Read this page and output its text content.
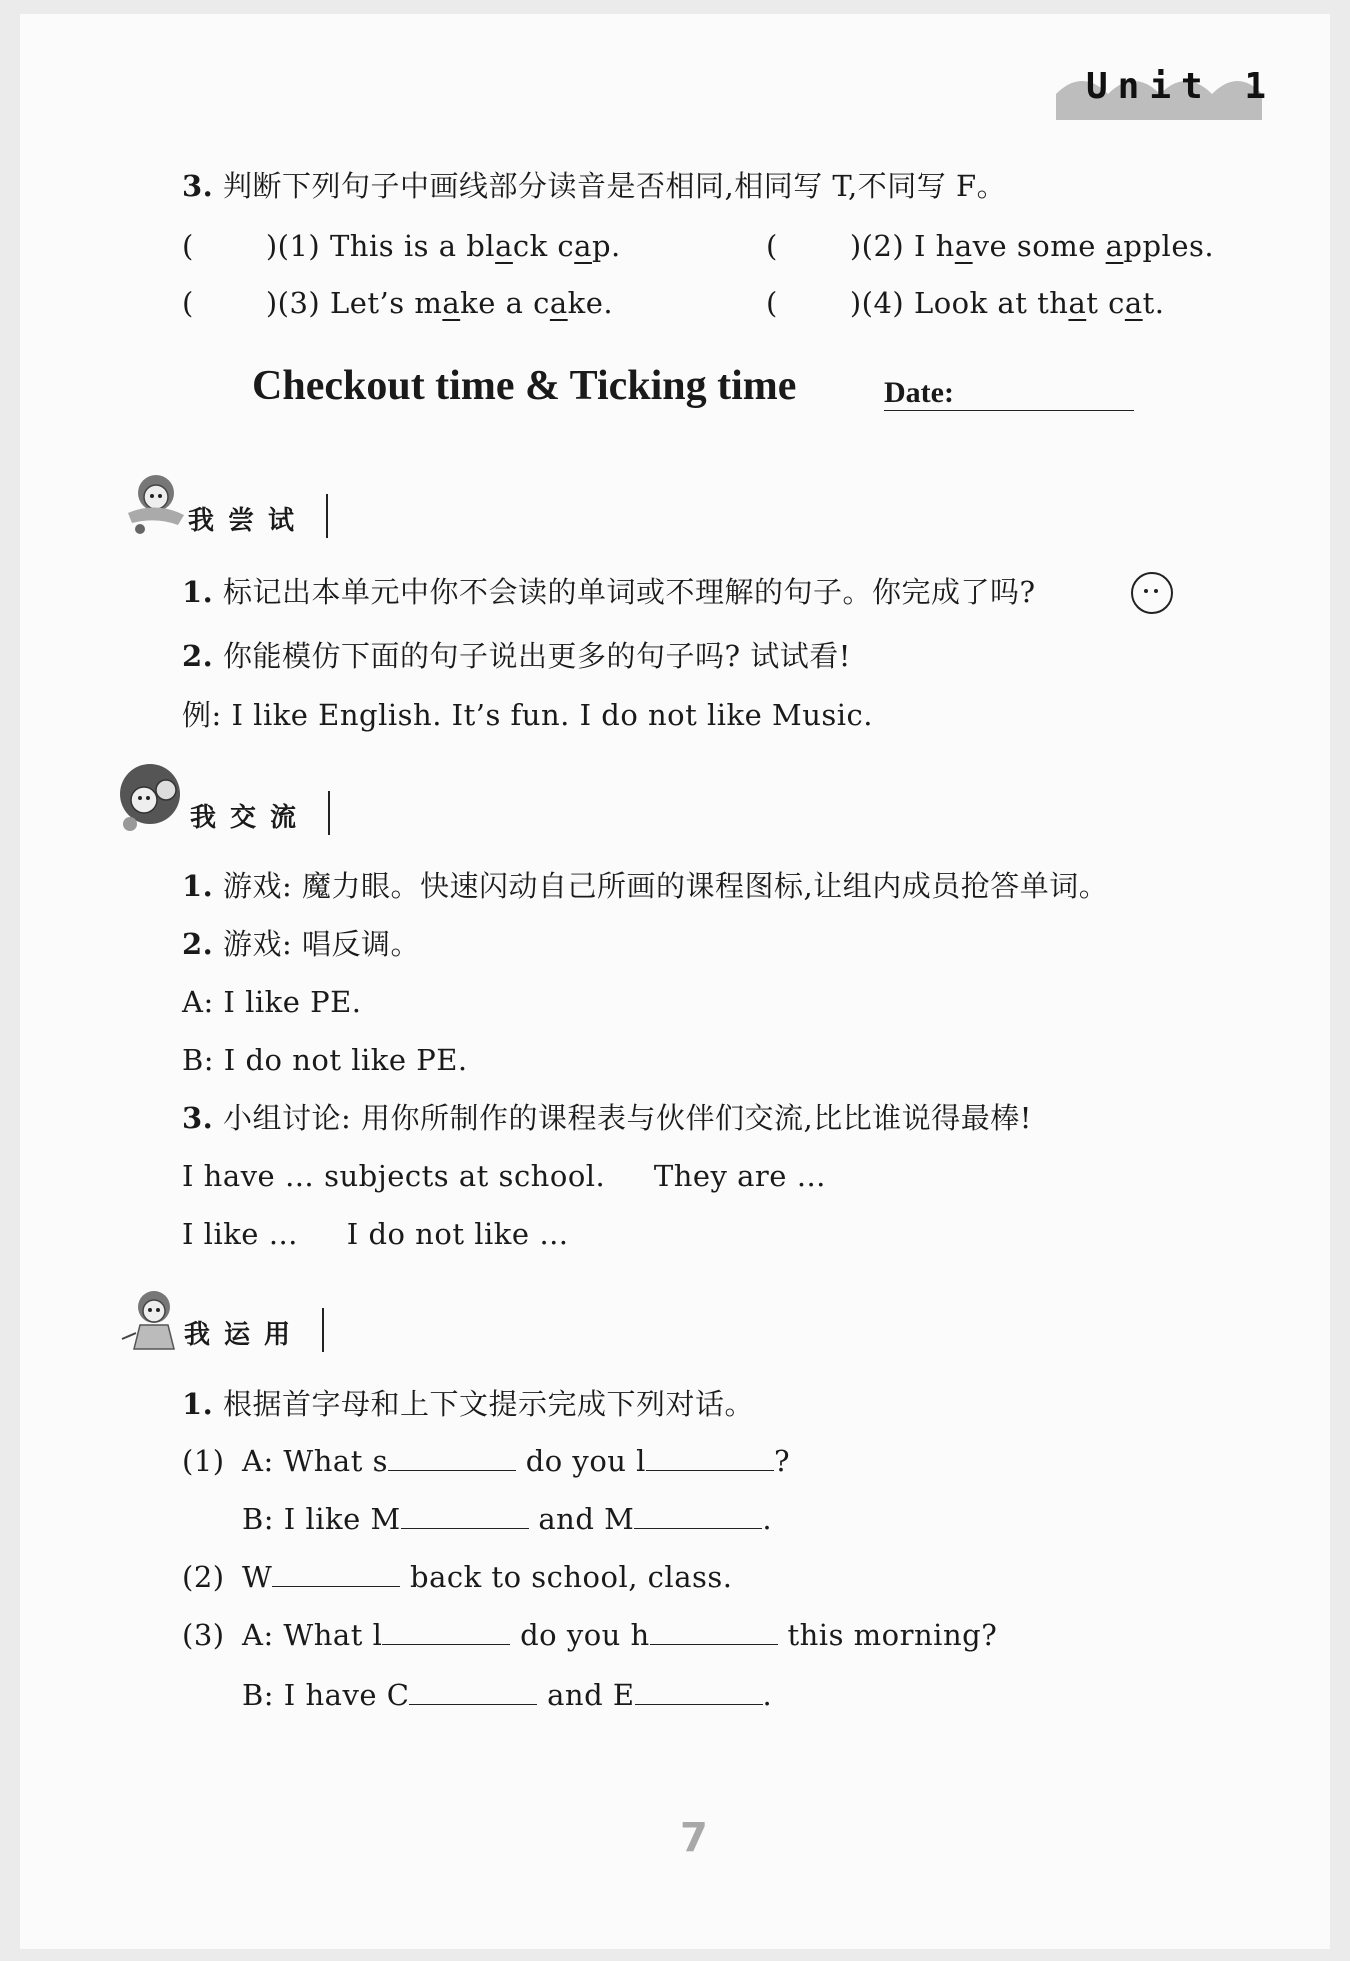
Unit 1
3. 判断下列句子中画线部分读音是否相同,相同写 T,不同写 F。
( )(1) This is a black cap.	( )(2) I have some apples.
( )(3) Let’s make a cake.	( )(4) Look at that cat.
Checkout time & Ticking time	Date:
我尝试
1. 标记出本单元中你不会读的单词或不理解的句子。你完成了吗?
2. 你能模仿下面的句子说出更多的句子吗? 试试看!
例: I like English. It’s fun. I do not like Music.
我交流
1. 游戏: 魔力眼。快速闪动自己所画的课程图标,让组内成员抢答单词。
2. 游戏: 唱反调。
A: I like PE.
B: I do not like PE.
3. 小组讨论: 用你所制作的课程表与伙伴们交流,比比谁说得最棒!
I have … subjects at school.     They are …
I like …     I do not like …
我运用
1. 根据首字母和上下文提示完成下列对话。
(1) A: What s	do you l	?
B: I like M	and M	.
(2) W	back to school, class.
(3) A: What l	do you h	this morning?
B: I have C	and E	.
7
